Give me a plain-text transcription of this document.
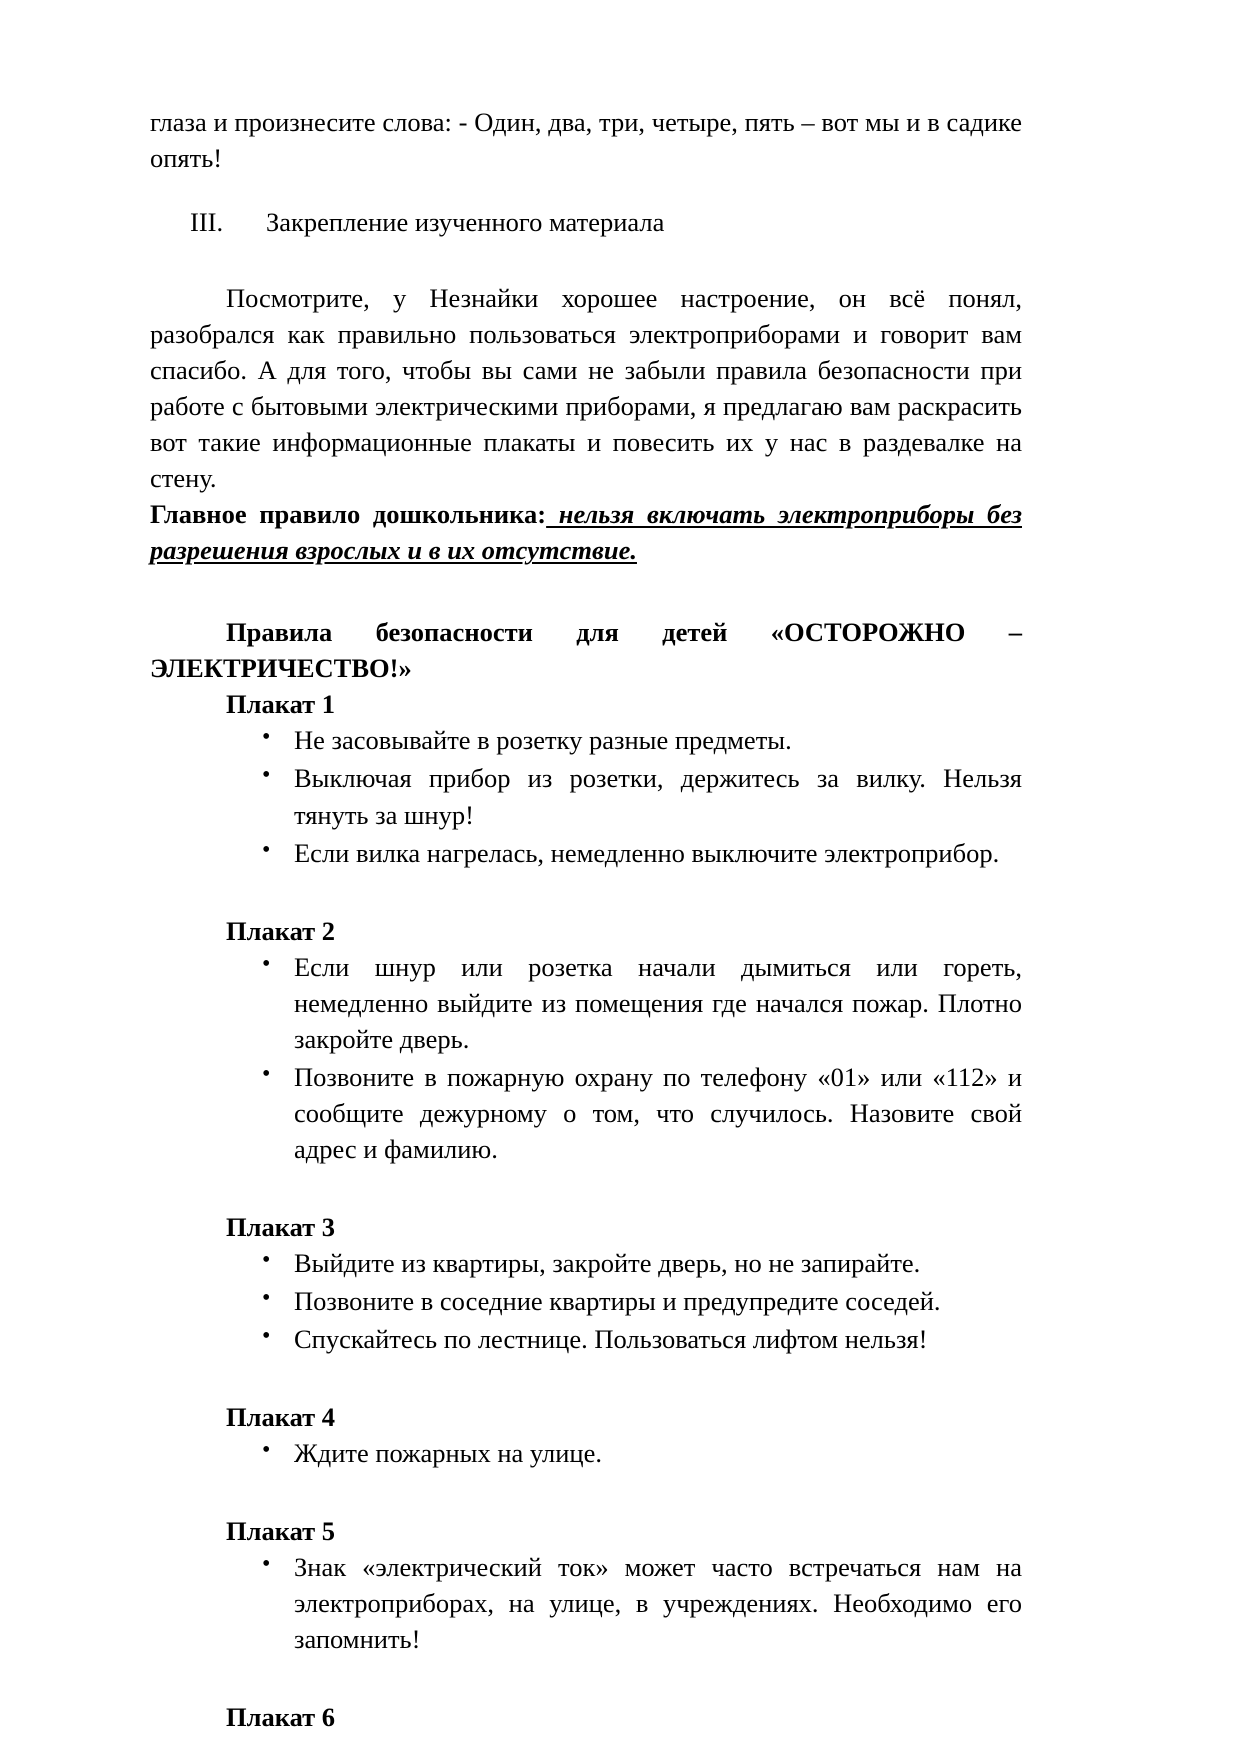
глаза и произнесите слова: - Один, два, три, четыре, пять – вот мы и в садике опять!

III.	Закрепление изученного материала

Посмотрите, у Незнайки хорошее настроение, он всё понял, разобрался как правильно пользоваться электроприборами и говорит вам спасибо. А для того, чтобы вы сами не забыли правила безопасности при работе с бытовыми электрическими приборами, я предлагаю вам раскрасить вот такие информационные плакаты и повесить их у нас в раздевалке на стену.

Главное правило дошкольника: нельзя включать электроприборы без разрешения взрослых и в их отсутствие.

Правила безопасности для детей «ОСТОРОЖНО – ЭЛЕКТРИЧЕСТВО!»

Плакат 1

• Не засовывайте в розетку разные предметы.
• Выключая прибор из розетки, держитесь за вилку. Нельзя тянуть за шнур!
• Если вилка нагрелась, немедленно выключите электроприбор.

Плакат 2

• Если шнур или розетка начали дымиться или гореть, немедленно выйдите из помещения где начался пожар. Плотно закройте дверь.
• Позвоните в пожарную охрану по телефону «01» или «112» и сообщите дежурному о том, что случилось. Назовите свой адрес и фамилию.

Плакат 3

• Выйдите из квартиры, закройте дверь, но не запирайте.
• Позвоните в соседние квартиры и предупредите соседей.
• Спускайтесь по лестнице. Пользоваться лифтом нельзя!

Плакат 4

• Ждите пожарных на улице.

Плакат 5

• Знак «электрический ток» может часто встречаться нам на электроприборах, на улице, в учреждениях. Необходимо его запомнить!

Плакат 6
